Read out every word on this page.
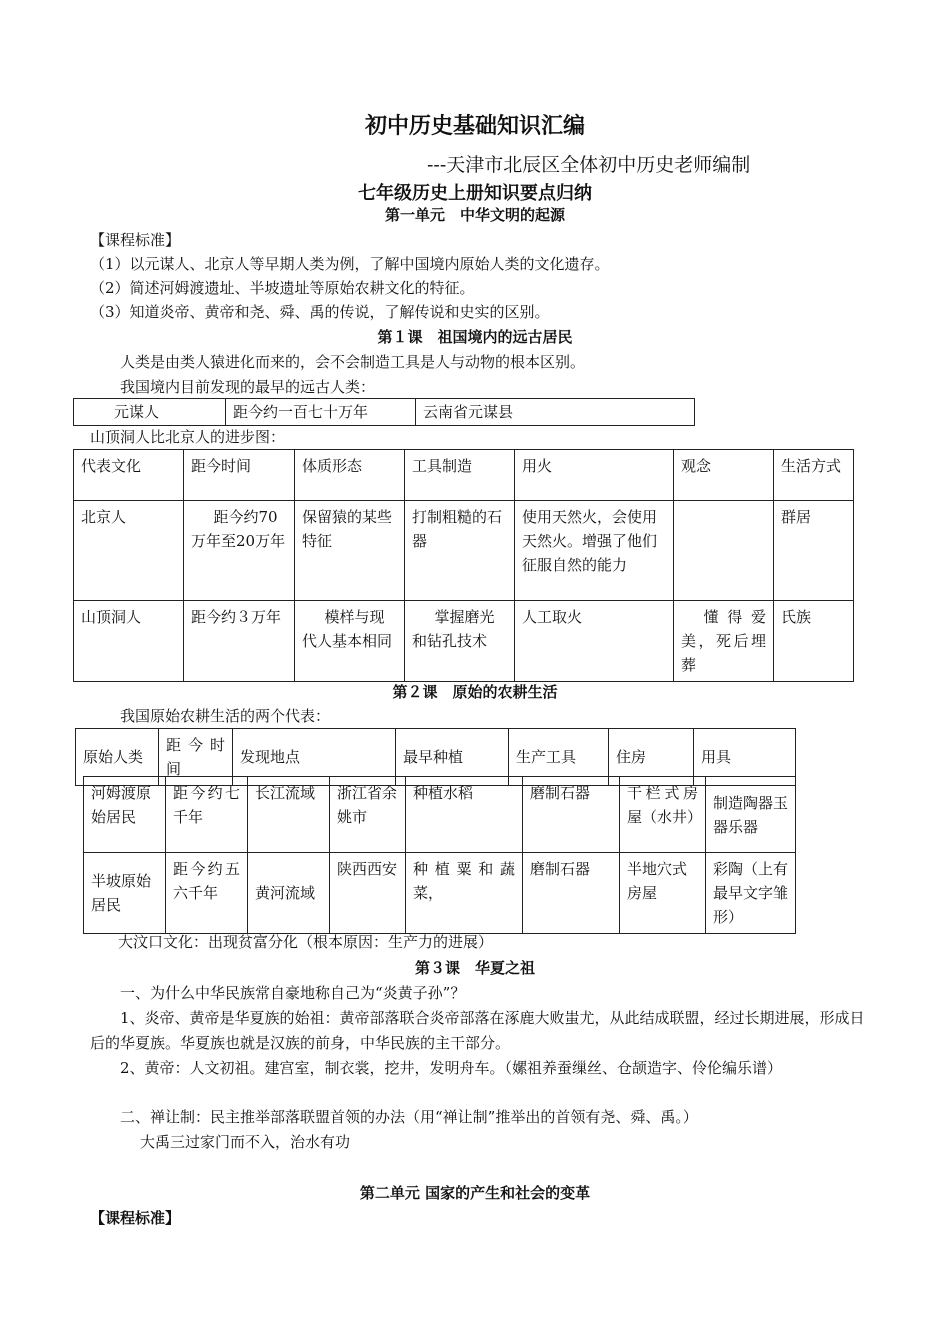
初中历史基础知识汇编
---天津市北辰区全体初中历史老师编制
七年级历史上册知识要点归纳
第一单元　中华文明的起源
【课程标准】
（1）以元谋人、北京人等早期人类为例，了解中国境内原始人类的文化遗存。
（2）简述河姆渡遗址、半坡遗址等原始农耕文化的特征。
（3）知道炎帝、黄帝和尧、舜、禹的传说，了解传说和史实的区别。
第１课　祖国境内的远古居民
人类是由类人猿进化而来的，会不会制造工具是人与动物的根本区别。
我国境内目前发现的最早的远古人类：
元谋人	距今约一百七十万年	云南省元谋县
山顶洞人比北京人的进步图：
代表文化	距今时间	体质形态	工具制造	用火	观念	生活方式
北京人	距今约70万年至20万年	保留猿的某些特征	打制粗糙的石器	使用天然火，会使用天然火。增强了他们征服自然的能力		群居
山顶洞人	距今约３万年	模样与现代人基本相同	掌握磨光和钻孔技术	人工取火	懂得爱美，死后埋葬	氏族
第２课　原始的农耕生活
我国原始农耕生活的两个代表：
原始人类	距今时间	发现地点	最早种植	生产工具	住房	用具
河姆渡原始居民	距今约七千年	长江流域	浙江省余姚市	种植水稻	磨制石器	干栏式房屋（水井）	制造陶器玉器乐器
半坡原始居民	距今约五六千年	黄河流域	陕西西安	种植粟和蔬菜，	磨制石器	半地穴式房屋	彩陶（上有最早文字雏形）
大汶口文化：出现贫富分化（根本原因：生产力的进展）
第３课　华夏之祖
一、为什么中华民族常自豪地称自己为“炎黄子孙”？
1、炎帝、黄帝是华夏族的始祖：黄帝部落联合炎帝部落在涿鹿大败蚩尤，从此结成联盟，经过长期进展，形成日后的华夏族。华夏族也就是汉族的前身，中华民族的主干部分。
2、黄帝：人文初祖。建宫室，制衣裳，挖井，发明舟车。（嫘祖养蚕缫丝、仓颉造字、伶伦编乐谱）
二、禅让制：民主推举部落联盟首领的办法（用“禅让制”推举出的首领有尧、舜、禹。）
大禹三过家门而不入，治水有功
第二单元 国家的产生和社会的变革
【课程标准】
